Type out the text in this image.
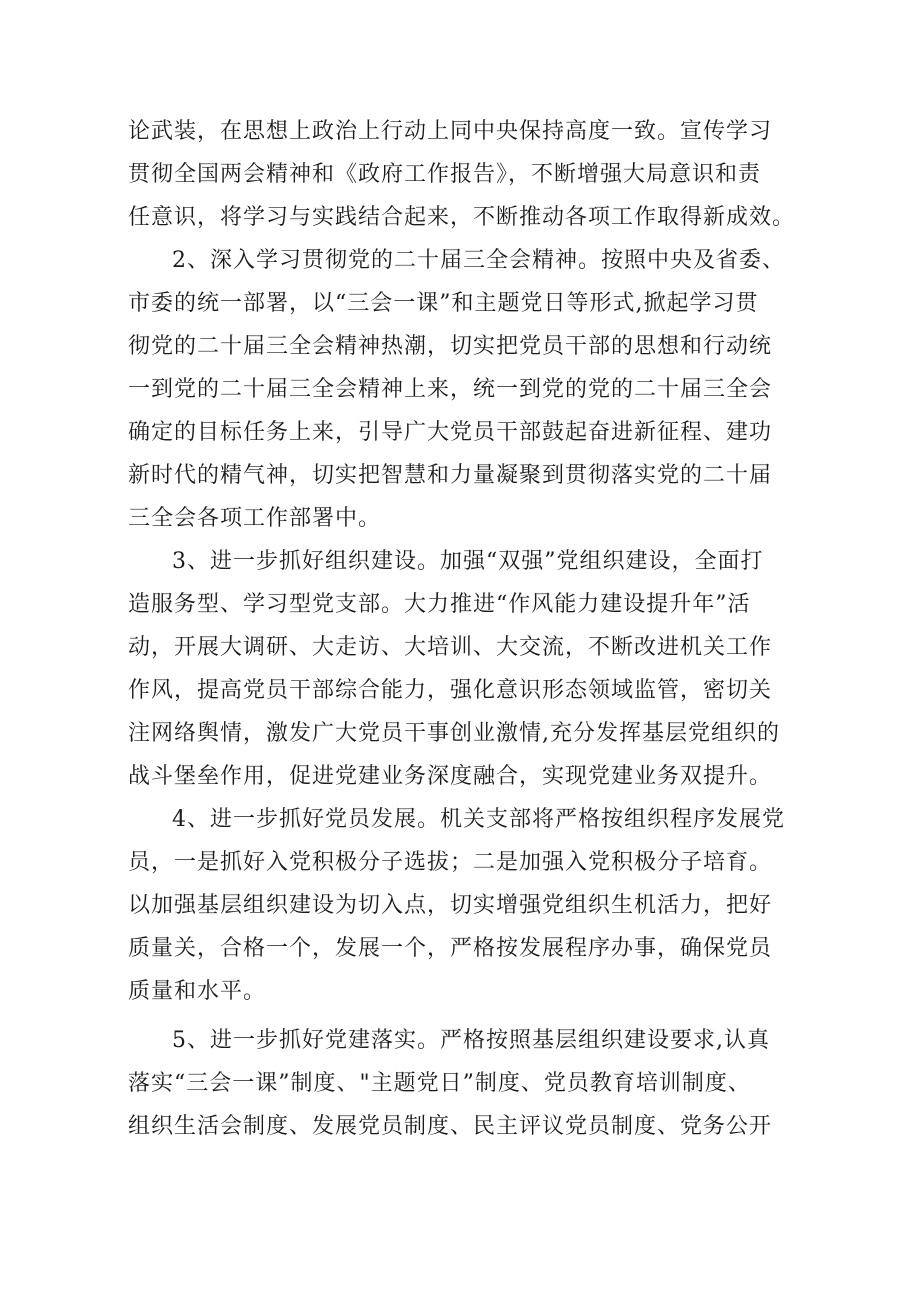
论武装，在思想上政治上行动上同中央保持高度一致。宣传学习
贯彻全国两会精神和《政府工作报告》，不断增强大局意识和责
任意识，将学习与实践结合起来，不断推动各项工作取得新成效。
2、深入学习贯彻党的二十届三全会精神。按照中央及省委、
市委的统一部署，以“三会一课”和主题党日等形式,掀起学习贯
彻党的二十届三全会精神热潮，切实把党员干部的思想和行动统
一到党的二十届三全会精神上来，统一到党的党的二十届三全会
确定的目标任务上来，引导广大党员干部鼓起奋进新征程、建功
新时代的精气神，切实把智慧和力量凝聚到贯彻落实党的二十届
三全会各项工作部署中。
3、进一步抓好组织建设。加强“双强”党组织建设，全面打
造服务型、学习型党支部。大力推进“作风能力建设提升年”活
动，开展大调研、大走访、大培训、大交流，不断改进机关工作
作风，提高党员干部综合能力，强化意识形态领域监管，密切关
注网络舆情，激发广大党员干事创业激情,充分发挥基层党组织的
战斗堡垒作用，促进党建业务深度融合，实现党建业务双提升。
4、进一步抓好党员发展。机关支部将严格按组织程序发展党
员，一是抓好入党积极分子选拔；二是加强入党积极分子培育。
以加强基层组织建设为切入点，切实增强党组织生机活力，把好
质量关，合格一个，发展一个，严格按发展程序办事，确保党员
质量和水平。
5、进一步抓好党建落实。严格按照基层组织建设要求,认真
落实“三会一课”制度、"主题党日”制度、党员教育培训制度、
组织生活会制度、发展党员制度、民主评议党员制度、党务公开
